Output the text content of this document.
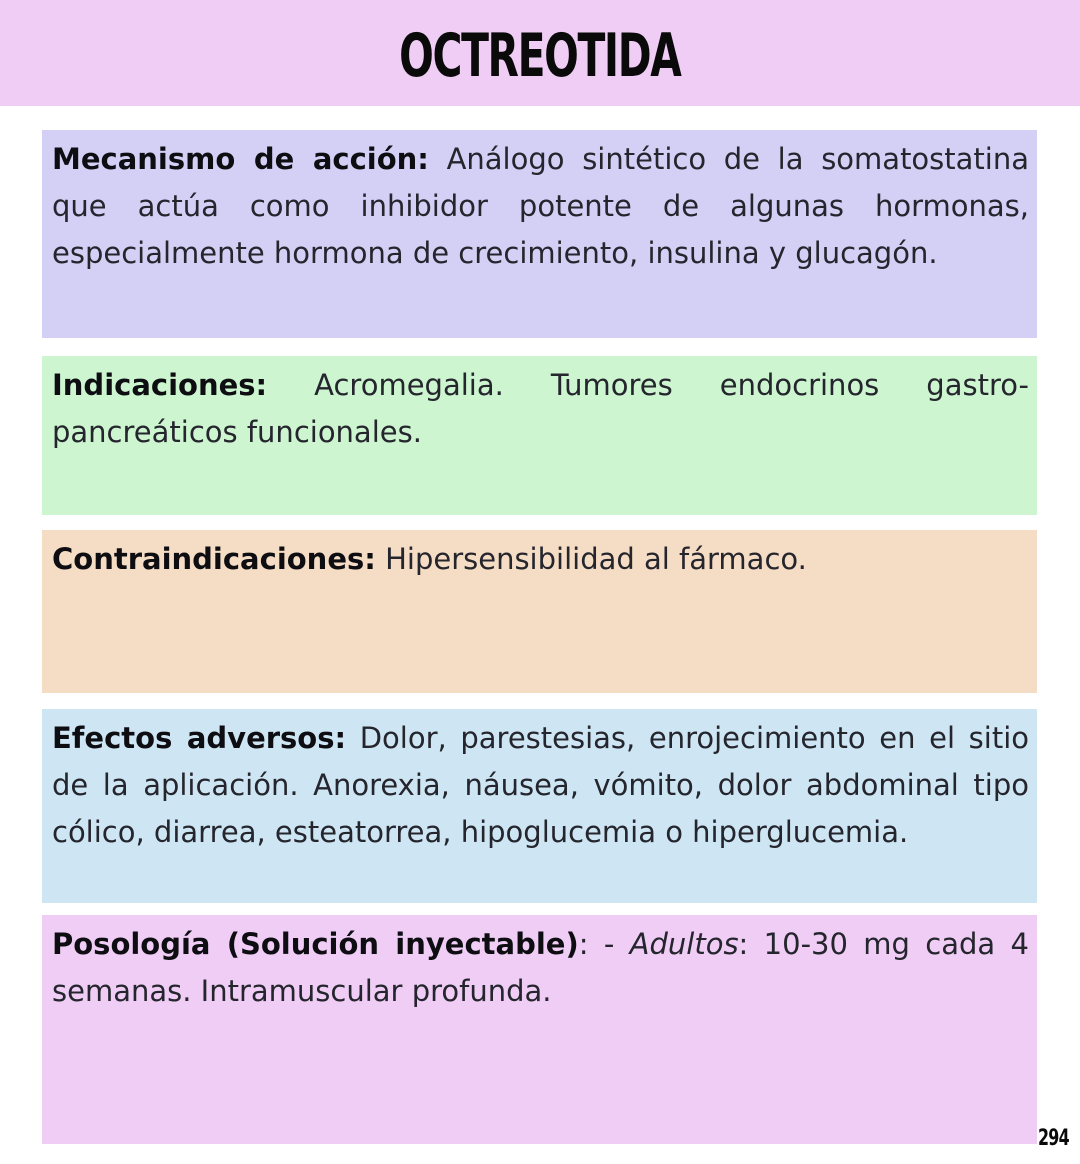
OCTREOTIDA
Mecanismo de acción: Análogo sintético de la somatostatina que actúa como inhibidor potente de algunas hormonas, especialmente hormona de crecimiento, insulina y glucagón.
Indicaciones: Acromegalia. Tumores endocrinos gastro-pancreáticos funcionales.
Contraindicaciones: Hipersensibilidad al fármaco.
Efectos adversos: Dolor, parestesias, enrojecimiento en el sitio de la aplicación. Anorexia, náusea, vómito, dolor abdominal tipo cólico, diarrea, esteatorrea, hipoglucemia o hiperglucemia.
Posología (Solución inyectable): - Adultos: 10-30 mg cada 4 semanas. Intramuscular profunda.
294
